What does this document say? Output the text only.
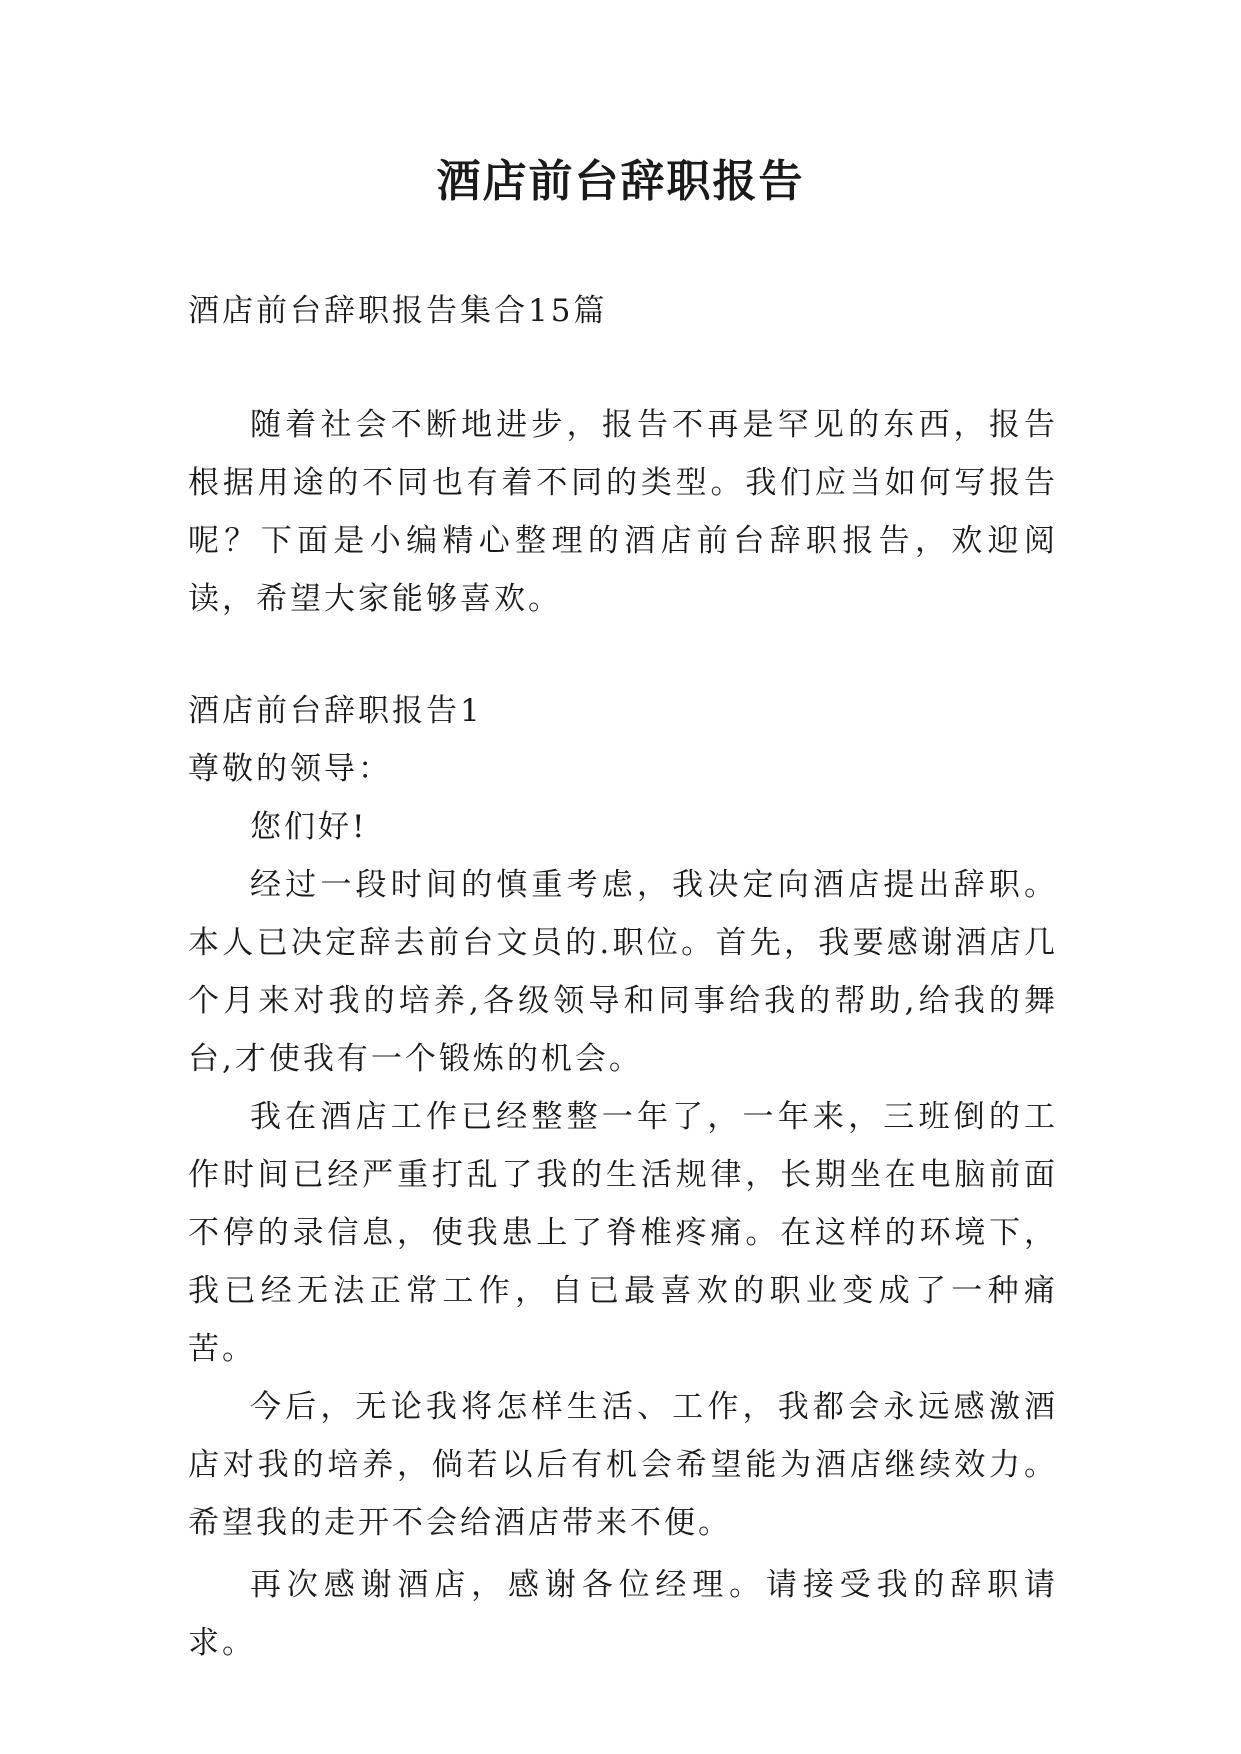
酒店前台辞职报告

酒店前台辞职报告集合15篇

随着社会不断地进步，报告不再是罕见的东西，报告根据用途的不同也有着不同的类型。我们应当如何写报告呢？下面是小编精心整理的酒店前台辞职报告，欢迎阅读，希望大家能够喜欢。

酒店前台辞职报告1

尊敬的领导：

您们好!

经过一段时间的慎重考虑，我决定向酒店提出辞职。本人已决定辞去前台文员的.职位。首先，我要感谢酒店几个月来对我的培养,各级领导和同事给我的帮助,给我的舞台,才使我有一个锻炼的机会。

我在酒店工作已经整整一年了，一年来，三班倒的工作时间已经严重打乱了我的生活规律，长期坐在电脑前面不停的录信息，使我患上了脊椎疼痛。在这样的环境下，我已经无法正常工作，自已最喜欢的职业变成了一种痛苦。

今后，无论我将怎样生活、工作，我都会永远感激酒店对我的培养，倘若以后有机会希望能为酒店继续效力。希望我的走开不会给酒店带来不便。

再次感谢酒店，感谢各位经理。请接受我的辞职请求。
